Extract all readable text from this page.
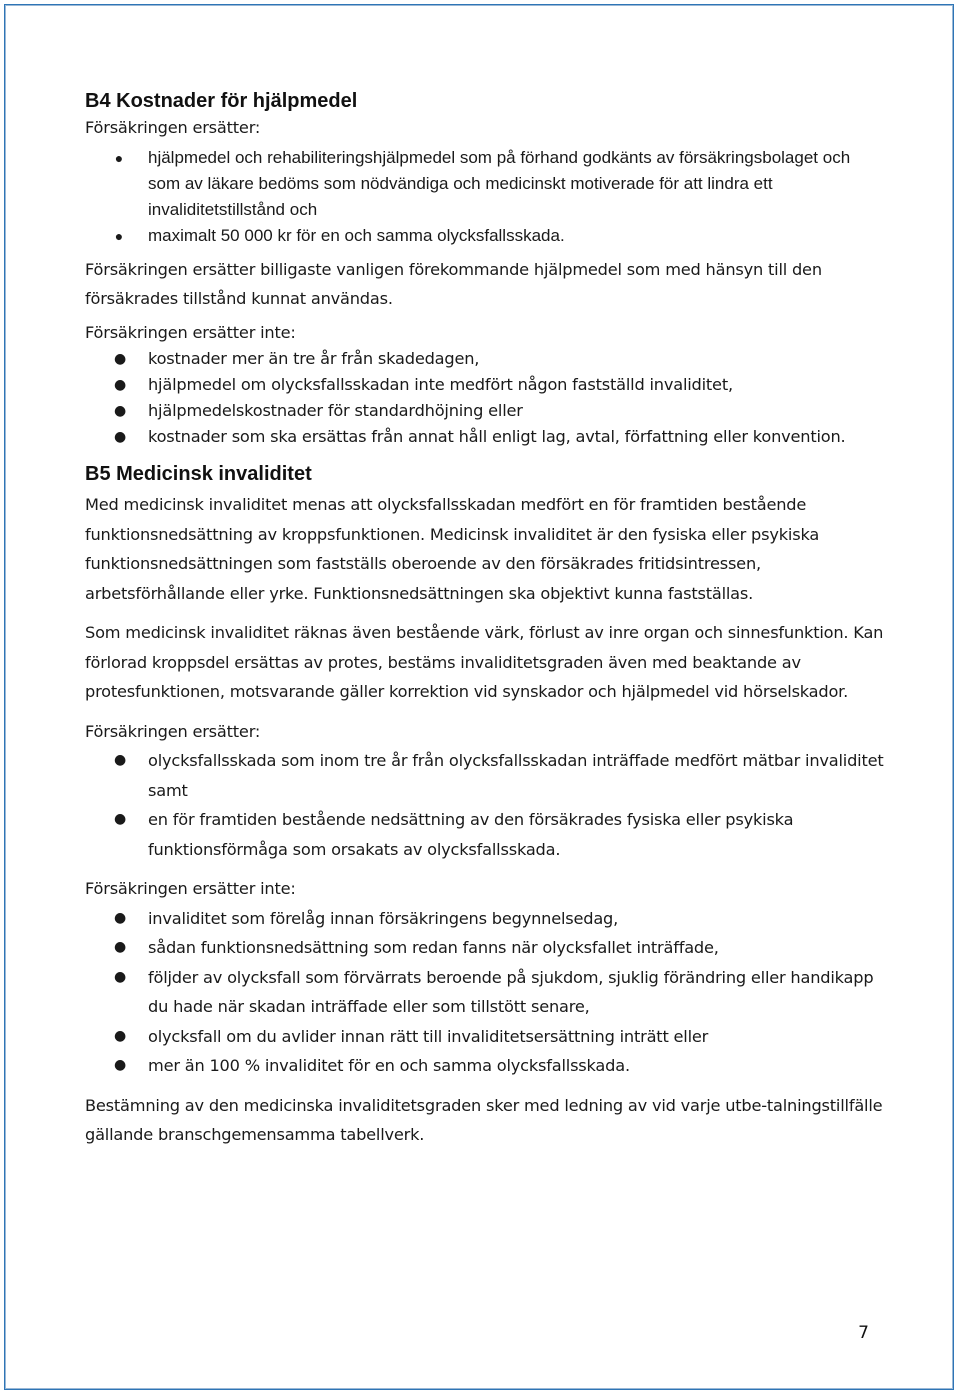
B4 Kostnader för hjälpmedel

Försäkringen ersätter:

● hjälpmedel och rehabiliteringshjälpmedel som på förhand godkänts av försäkringsbolaget och som av läkare bedöms som nödvändiga och medicinskt motiverade för att lindra ett invaliditetstillstånd och
● maximalt 50 000 kr för en och samma olycksfallsskada.

Försäkringen ersätter billigaste vanligen förekommande hjälpmedel som med hänsyn till den försäkrades tillstånd kunnat användas.

Försäkringen ersätter inte:

● kostnader mer än tre år från skadedagen,
● hjälpmedel om olycksfallsskadan inte medfört någon fastställd invaliditet,
● hjälpmedelskostnader för standardhöjning eller
● kostnader som ska ersättas från annat håll enligt lag, avtal, författning eller konvention.
B5 Medicinsk invaliditet

Med medicinsk invaliditet menas att olycksfallsskadan medfört en för framtiden bestående funktionsnedsättning av kroppsfunktionen. Medicinsk invaliditet är den fysiska eller psykiska funktionsnedsättningen som fastställs oberoende av den försäkrades fritidsintressen, arbetsförhållande eller yrke. Funktionsnedsättningen ska objektivt kunna fastställas.

Som medicinsk invaliditet räknas även bestående värk, förlust av inre organ och sinnesfunktion. Kan förlorad kroppsdel ersättas av protes, bestäms invaliditetsgraden även med beaktande av protesfunktionen, motsvarande gäller korrektion vid synskador och hjälpmedel vid hörselskador.

Försäkringen ersätter:

● olycksfallsskada som inom tre år från olycksfallsskadan inträffade medfört mätbar invaliditet samt
● en för framtiden bestående nedsättning av den försäkrades fysiska eller psykiska funktionsförmåga som orsakats av olycksfallsskada.

Försäkringen ersätter inte:

● invaliditet som förelåg innan försäkringens begynnelsedag,
● sådan funktionsnedsättning som redan fanns när olycksfallet inträffade,
● följder av olycksfall som förvärrats beroende på sjukdom, sjuklig förändring eller handikapp du hade när skadan inträffade eller som tillstött senare,
● olycksfall om du avlider innan rätt till invaliditetsersättning inträtt eller
● mer än 100 % invaliditet för en och samma olycksfallsskada.

Bestämning av den medicinska invaliditetsgraden sker med ledning av vid varje utbe-talningstillfälle gällande branschgemensamma tabellverk.

7
